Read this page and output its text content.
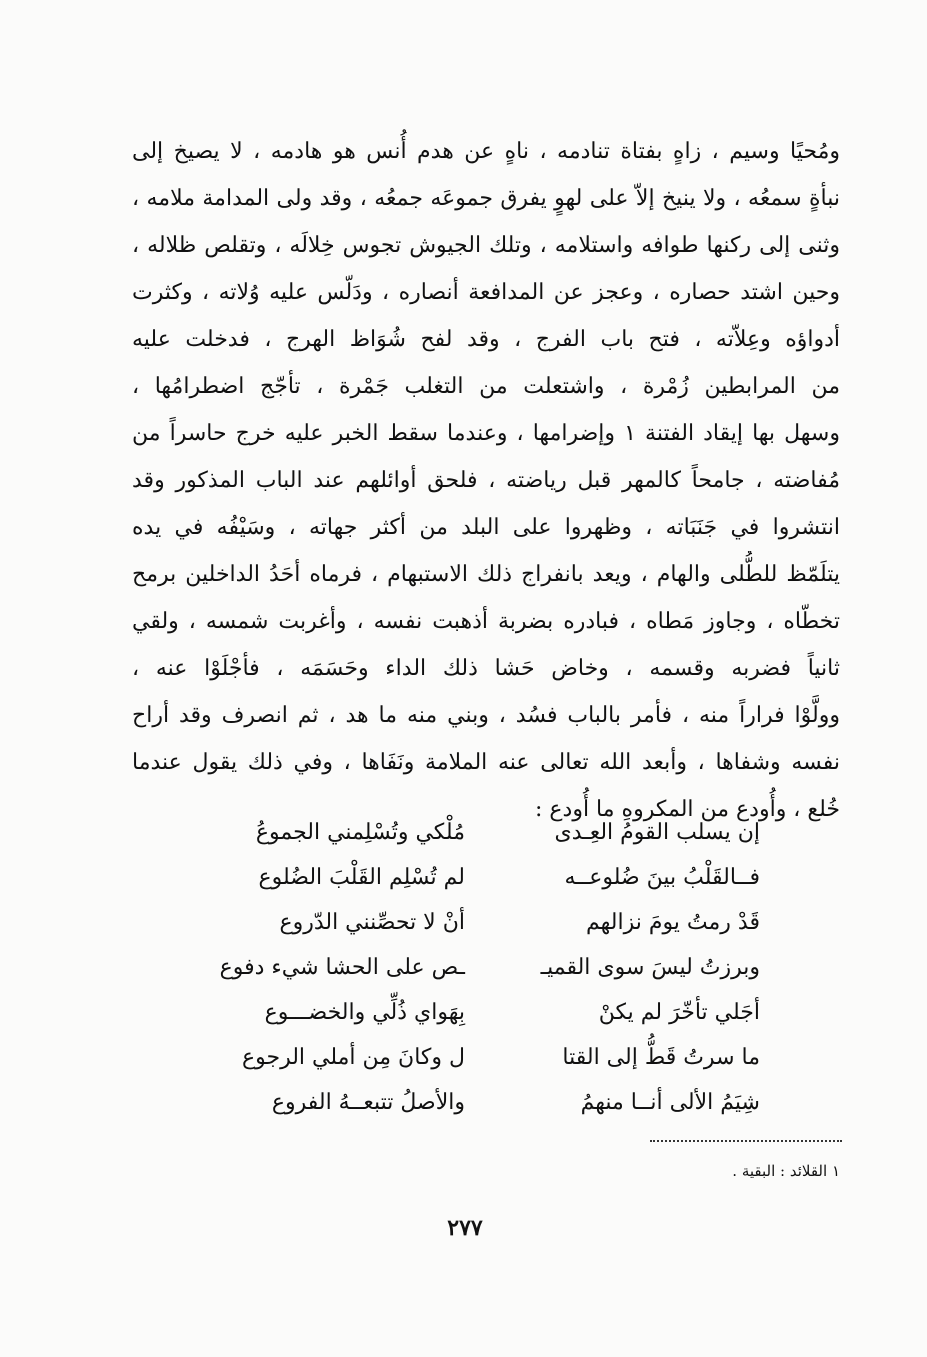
ومُحيًا وسيم ، زاهٍ بفتاة تنادمه ، ناهٍ عن هدم أُنس هو هادمه ، لا يصيخ إلى
نبأةٍ سمعُه ، ولا ينيخ إلاّ على لهوٍ يفرق جموعَه جمعُه ، وقد ولى المدامة ملامه ،
وثنى إلى ركنها طوافه واستلامه ، وتلك الجيوش تجوس خِلالَه ، وتقلص ظلاله ،
وحين اشتد حصاره ، وعجز عن المدافعة أنصاره ، ودَلّس عليه وُلاته ، وكثرت
أدواؤه وعِلاّته ، فتح باب الفرج ، وقد لفح شُوَاظ الهرج ، فدخلت عليه
من المرابطين زُمْرة ، واشتعلت من التغلب جَمْرة ، تأجّج اضطرامُها ،
وسهل بها إيقاد الفتنة ١ وإضرامها ، وعندما سقط الخبر عليه خرج حاسراً من
مُفاضته ، جامحاً كالمهر قبل رياضته ، فلحق أوائلهم عند الباب المذكور وقد
انتشروا في جَنَبَاته ، وظهروا على البلد من أكثر جهاته ، وسَيْفُه في يده
يتلَمّظ للطُّلى والهام ، ويعد بانفراج ذلك الاستبهام ، فرماه أحَدُ الداخلين برمح
تخطّاه ، وجاوز مَطاه ، فبادره بضربة أذهبت نفسه ، وأغربت شمسه ، ولقي
ثانياً فضربه وقسمه ، وخاض حَشا ذلك الداء وحَسَمَه ، فأجْلَوْا عنه ،
وولَّوْا فراراً منه ، فأمر بالباب فسُد ، وبني منه ما هد ، ثم انصرف وقد أراح
نفسه وشفاها ، وأبعد الله تعالى عنه الملامة ونَفَاها ، وفي ذلك يقول عندما
خُلع ، وأُودع من المكروهِ ما أُودع :
إن يسلب القومُ العِـدى
مُلْكي وتُسْلِمني الجموعُ
فــالقَلْبُ بينَ ضُلوعــه
لم تُسْلِم القَلْبَ الضُلوع
قَدْ رمتُ يومَ نزالهم
أنْ لا تحصِّنني الدّروع
وبرزتُ ليسَ سوى القميـ
ـص على الحشا شيء دفوع
أجَلي تأخّرَ لم يكنْ
بِهَواي ذُلِّي والخضـــوع
ما سرتُ قَطُّ إلى القتا
ل وكانَ مِن أملي الرجوع
شِيَمُ الألى أنــا منهمُ
والأصلُ تتبعــهُ الفروع
١ القلائد : البقية .
٢٧٧
